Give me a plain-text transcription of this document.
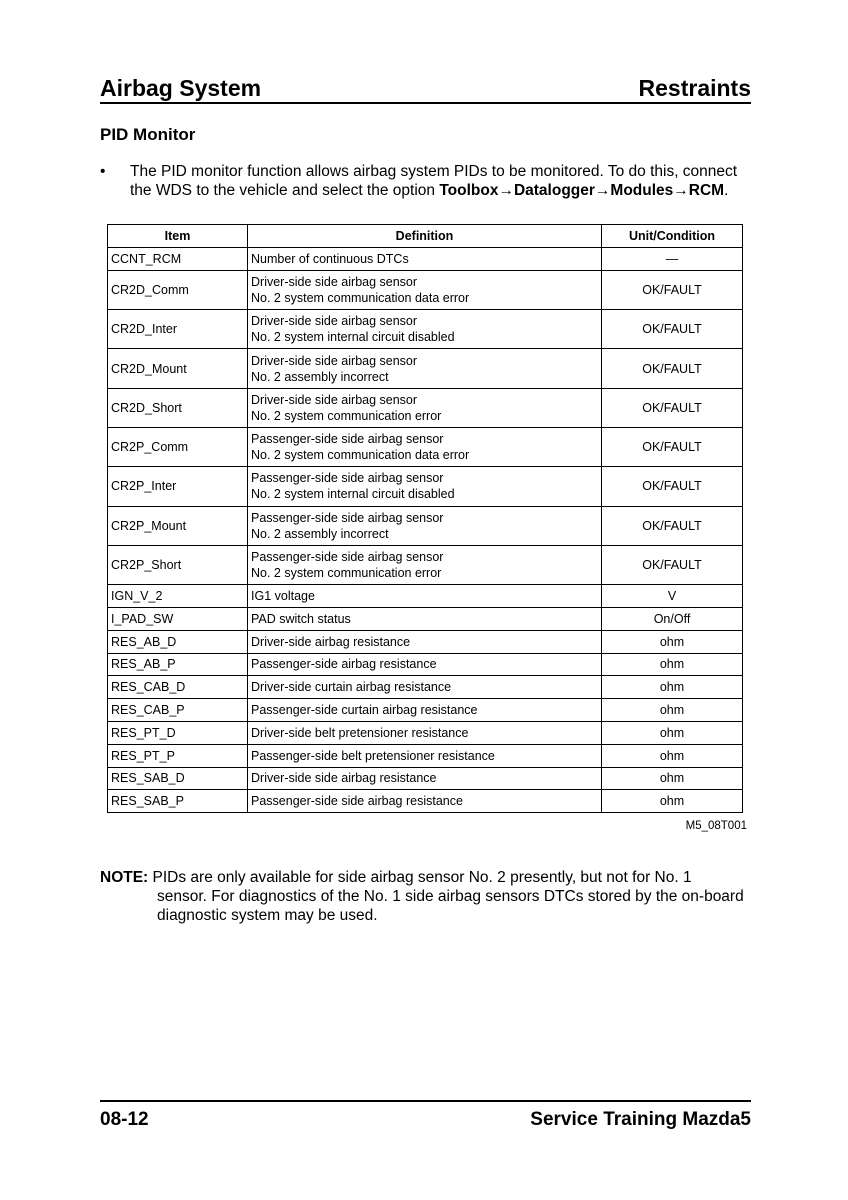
Airbag System	Restraints
PID Monitor
• The PID monitor function allows airbag system PIDs to be monitored. To do this, connect the WDS to the vehicle and select the option Toolbox→Datalogger→Modules→RCM.
Item	Definition	Unit/Condition
CCNT_RCM	Number of continuous DTCs	—
CR2D_Comm	Driver-side side airbag sensor
No. 2 system communication data error	OK/FAULT
CR2D_Inter	Driver-side side airbag sensor
No. 2 system internal circuit disabled	OK/FAULT
CR2D_Mount	Driver-side side airbag sensor
No. 2 assembly incorrect	OK/FAULT
CR2D_Short	Driver-side side airbag sensor
No. 2 system communication error	OK/FAULT
CR2P_Comm	Passenger-side side airbag sensor
No. 2 system communication data error	OK/FAULT
CR2P_Inter	Passenger-side side airbag sensor
No. 2 system internal circuit disabled	OK/FAULT
CR2P_Mount	Passenger-side side airbag sensor
No. 2 assembly incorrect	OK/FAULT
CR2P_Short	Passenger-side side airbag sensor
No. 2 system communication error	OK/FAULT
IGN_V_2	IG1 voltage	V
I_PAD_SW	PAD switch status	On/Off
RES_AB_D	Driver-side airbag resistance	ohm
RES_AB_P	Passenger-side airbag resistance	ohm
RES_CAB_D	Driver-side curtain airbag resistance	ohm
RES_CAB_P	Passenger-side curtain airbag resistance	ohm
RES_PT_D	Driver-side belt pretensioner resistance	ohm
RES_PT_P	Passenger-side belt pretensioner resistance	ohm
RES_SAB_D	Driver-side side airbag resistance	ohm
RES_SAB_P	Passenger-side side airbag resistance	ohm
M5_08T001
NOTE: PIDs are only available for side airbag sensor No. 2 presently, but not for No. 1
sensor. For diagnostics of the No. 1 side airbag sensors DTCs stored by the on-board diagnostic system may be used.
08-12	Service Training Mazda5
